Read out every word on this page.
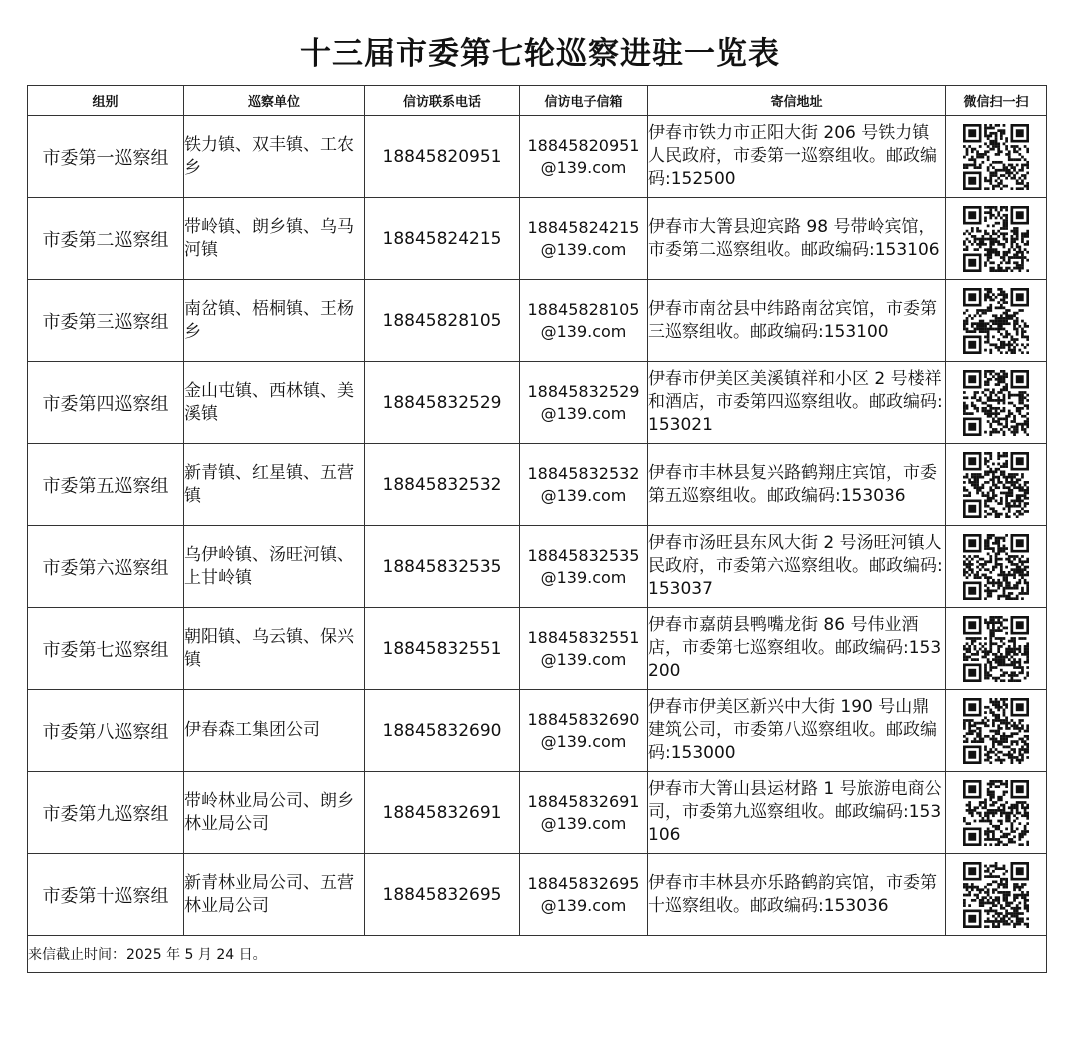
十三届市委第七轮巡察进驻一览表
组别	巡察单位	信访联系电话	信访电子信箱	寄信地址	微信扫一扫
市委第一巡察组	铁力镇、双丰镇、工农乡	18845820951	18845820951@139.com	伊春市铁力市正阳大街 206 号铁力镇人民政府，市委第一巡察组收。邮政编码:152500	
市委第二巡察组	带岭镇、朗乡镇、乌马河镇	18845824215	18845824215@139.com	伊春市大箐县迎宾路 98 号带岭宾馆，市委第二巡察组收。邮政编码:153106	
市委第三巡察组	南岔镇、梧桐镇、王杨乡	18845828105	18845828105@139.com	伊春市南岔县中纬路南岔宾馆，市委第三巡察组收。邮政编码:153100	
市委第四巡察组	金山屯镇、西林镇、美溪镇	18845832529	18845832529@139.com	伊春市伊美区美溪镇祥和小区 2 号楼祥和酒店，市委第四巡察组收。邮政编码:153021	
市委第五巡察组	新青镇、红星镇、五营镇	18845832532	18845832532@139.com	伊春市丰林县复兴路鹤翔庄宾馆，市委第五巡察组收。邮政编码:153036	
市委第六巡察组	乌伊岭镇、汤旺河镇、上甘岭镇	18845832535	18845832535@139.com	伊春市汤旺县东风大街 2 号汤旺河镇人民政府，市委第六巡察组收。邮政编码:153037	
市委第七巡察组	朝阳镇、乌云镇、保兴镇	18845832551	18845832551@139.com	伊春市嘉荫县鸭嘴龙街 86 号伟业酒店，市委第七巡察组收。邮政编码:153200	
市委第八巡察组	伊春森工集团公司	18845832690	18845832690@139.com	伊春市伊美区新兴中大街 190 号山鼎建筑公司，市委第八巡察组收。邮政编码:153000	
市委第九巡察组	带岭林业局公司、朗乡林业局公司	18845832691	18845832691@139.com	伊春市大箐山县运材路 1 号旅游电商公司，市委第九巡察组收。邮政编码:153106	
市委第十巡察组	新青林业局公司、五营林业局公司	18845832695	18845832695@139.com	伊春市丰林县亦乐路鹤韵宾馆，市委第十巡察组收。邮政编码:153036	
来信截止时间：2025 年 5 月 24 日。					
